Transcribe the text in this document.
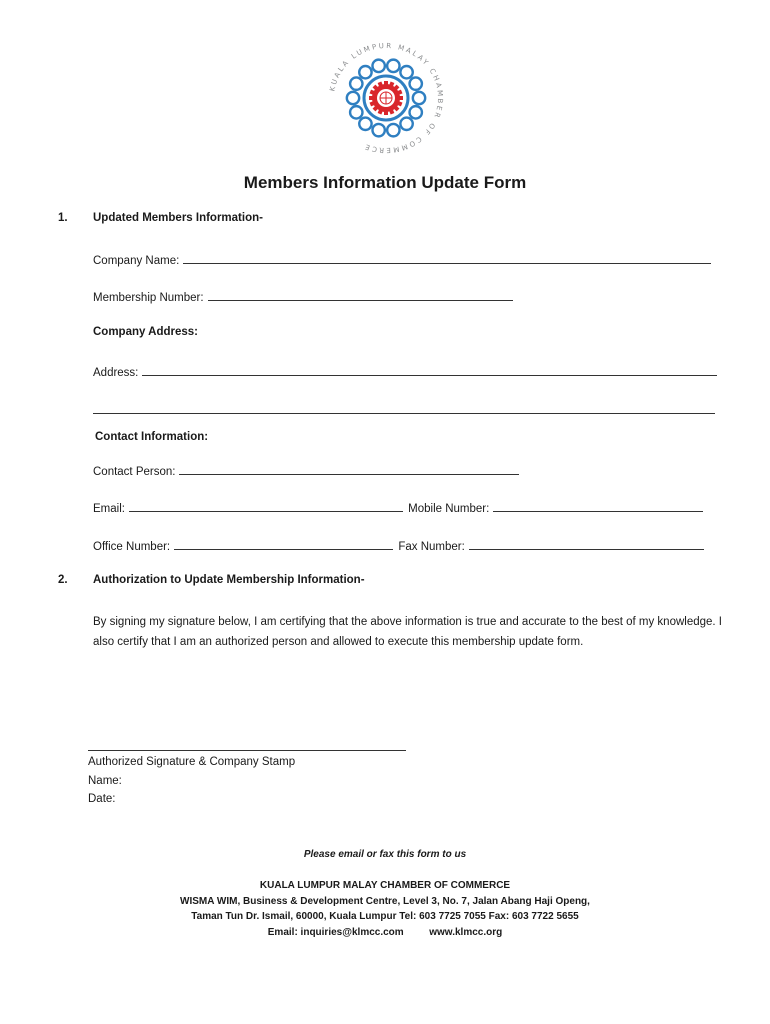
KUALA LUMPUR MALAY CHAMBER OF COMMERCE
Members Information Update Form
1. Updated Members Information-
Company Name:
Membership Number:
Company Address:
Address:
Contact Information:
Contact Person:
Email:	Mobile Number:
Office Number:	Fax Number:
2. Authorization to Update Membership Information-
By signing my signature below, I am certifying that the above information is true and accurate to the best of my knowledge. I also certify that I am an authorized person and allowed to execute this membership update form.
Authorized Signature & Company Stamp
Name:
Date:
Please email or fax this form to us
KUALA LUMPUR MALAY CHAMBER OF COMMERCE
WISMA WIM, Business & Development Centre, Level 3, No. 7, Jalan Abang Haji Openg,
Taman Tun Dr. Ismail, 60000, Kuala Lumpur Tel: 603 7725 7055 Fax: 603 7722 5655
Email: inquiries@klmcc.com	www.klmcc.org
